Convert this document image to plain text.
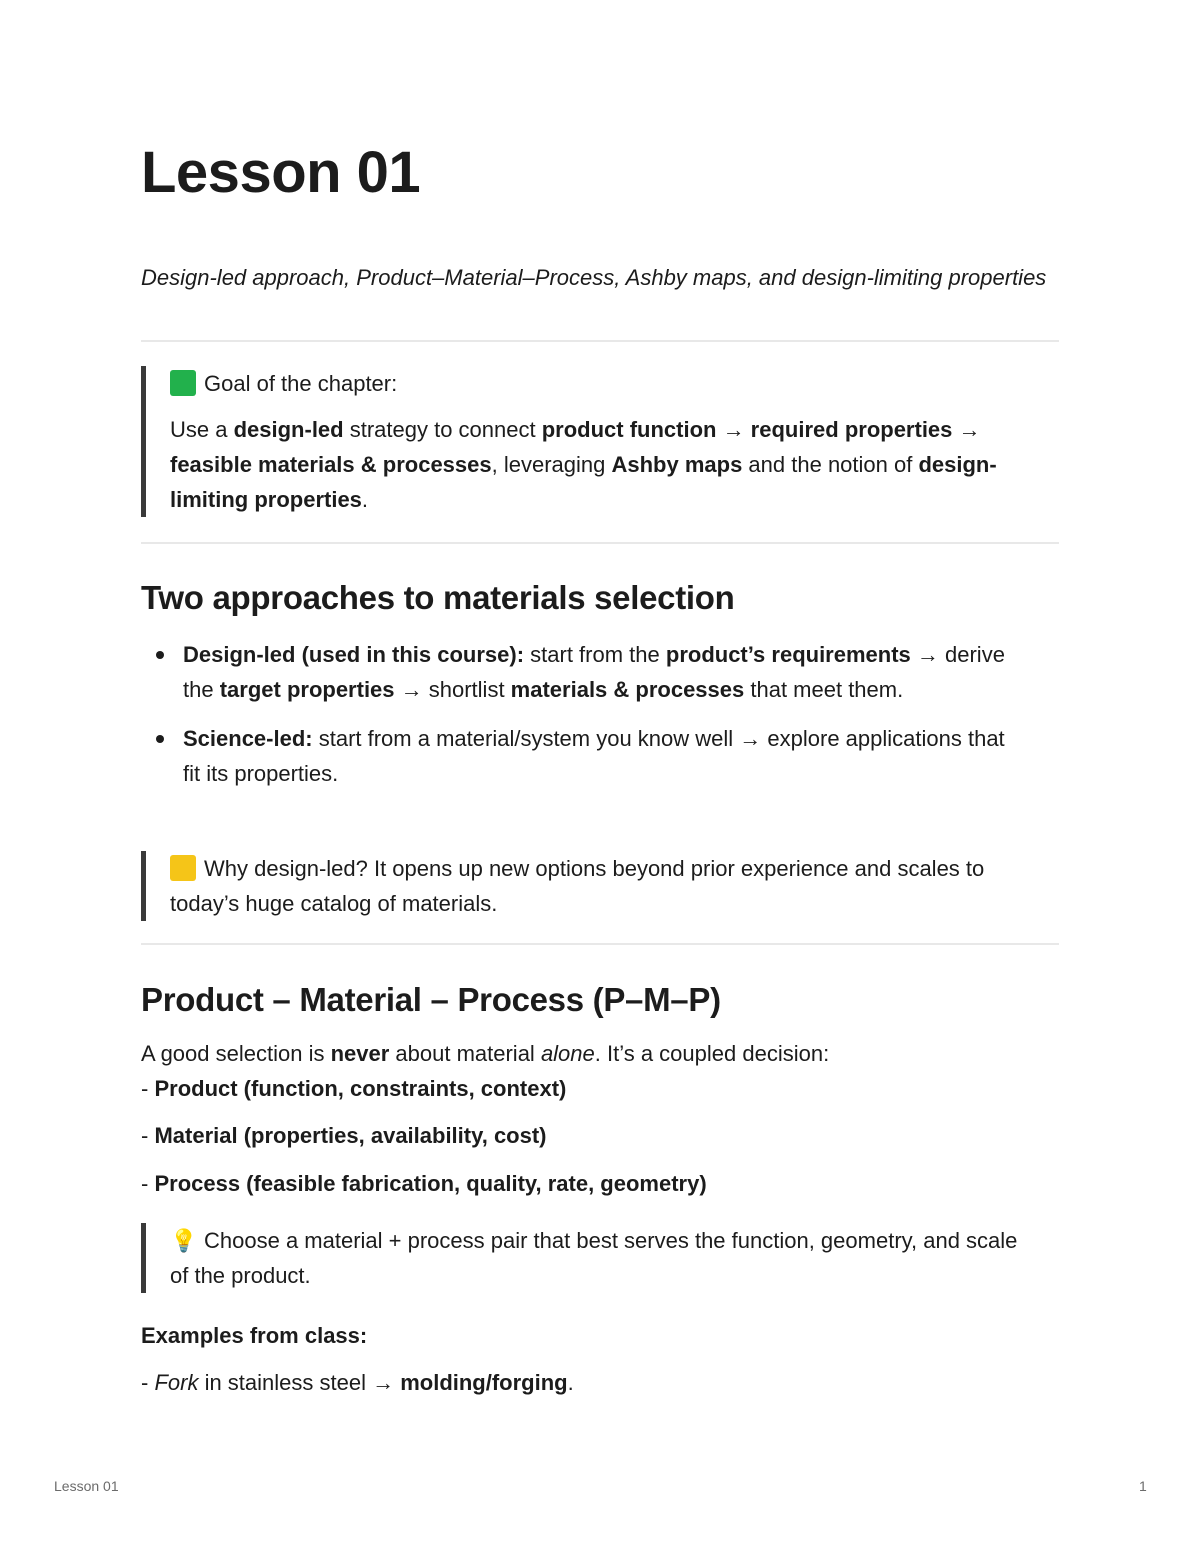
Lesson 01

Design-led approach, Product–Material–Process, Ashby maps, and design-limiting properties

Goal of the chapter:

Use a design-led strategy to connect product function → required properties → feasible materials & processes, leveraging Ashby maps and the notion of design-limiting properties.

Two approaches to materials selection
Design-led (used in this course): start from the product’s requirements → derive the target properties → shortlist materials & processes that meet them.
Science-led: start from a material/system you know well → explore applications that fit its properties.

Why design-led? It opens up new options beyond prior experience and scales to today’s huge catalog of materials.

Product – Material – Process (P–M–P)

A good selection is never about material alone. It’s a coupled decision:

- Product (function, constraints, context)

- Material (properties, availability, cost)

- Process (feasible fabrication, quality, rate, geometry)

💡 Choose a material + process pair that best serves the function, geometry, and scale of the product.

Examples from class:

- Fork in stainless steel → molding/forging.

Lesson 01	1
